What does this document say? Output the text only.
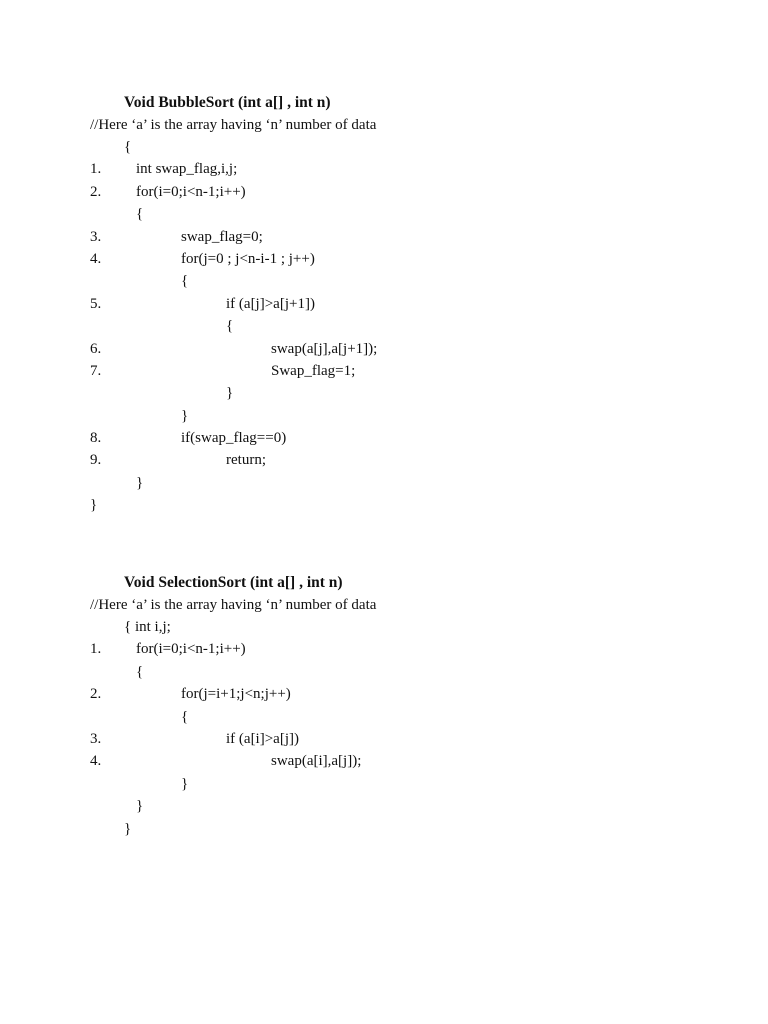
Void BubbleSort (int a[] , int n)
//Here ‘a’ is the array having ‘n’ number of data
{
1. int swap_flag,i,j;
2. for(i=0;i<n-1;i++)
{
3.	swap_flag=0;
4.	for(j=0 ; j<n-i-1 ; j++)
{
5.	if (a[j]>a[j+1])
{
6.	swap(a[j],a[j+1]);
7.	Swap_flag=1;
}
}
8.	if(swap_flag==0)
9.	return;
}
}
Void SelectionSort (int a[] , int n)
//Here ‘a’ is the array having ‘n’ number of data
{ int i,j;
1. for(i=0;i<n-1;i++)
{
2.	for(j=i+1;j<n;j++)
{
3.	if (a[i]>a[j])
4.	swap(a[i],a[j]);
}
}
}
